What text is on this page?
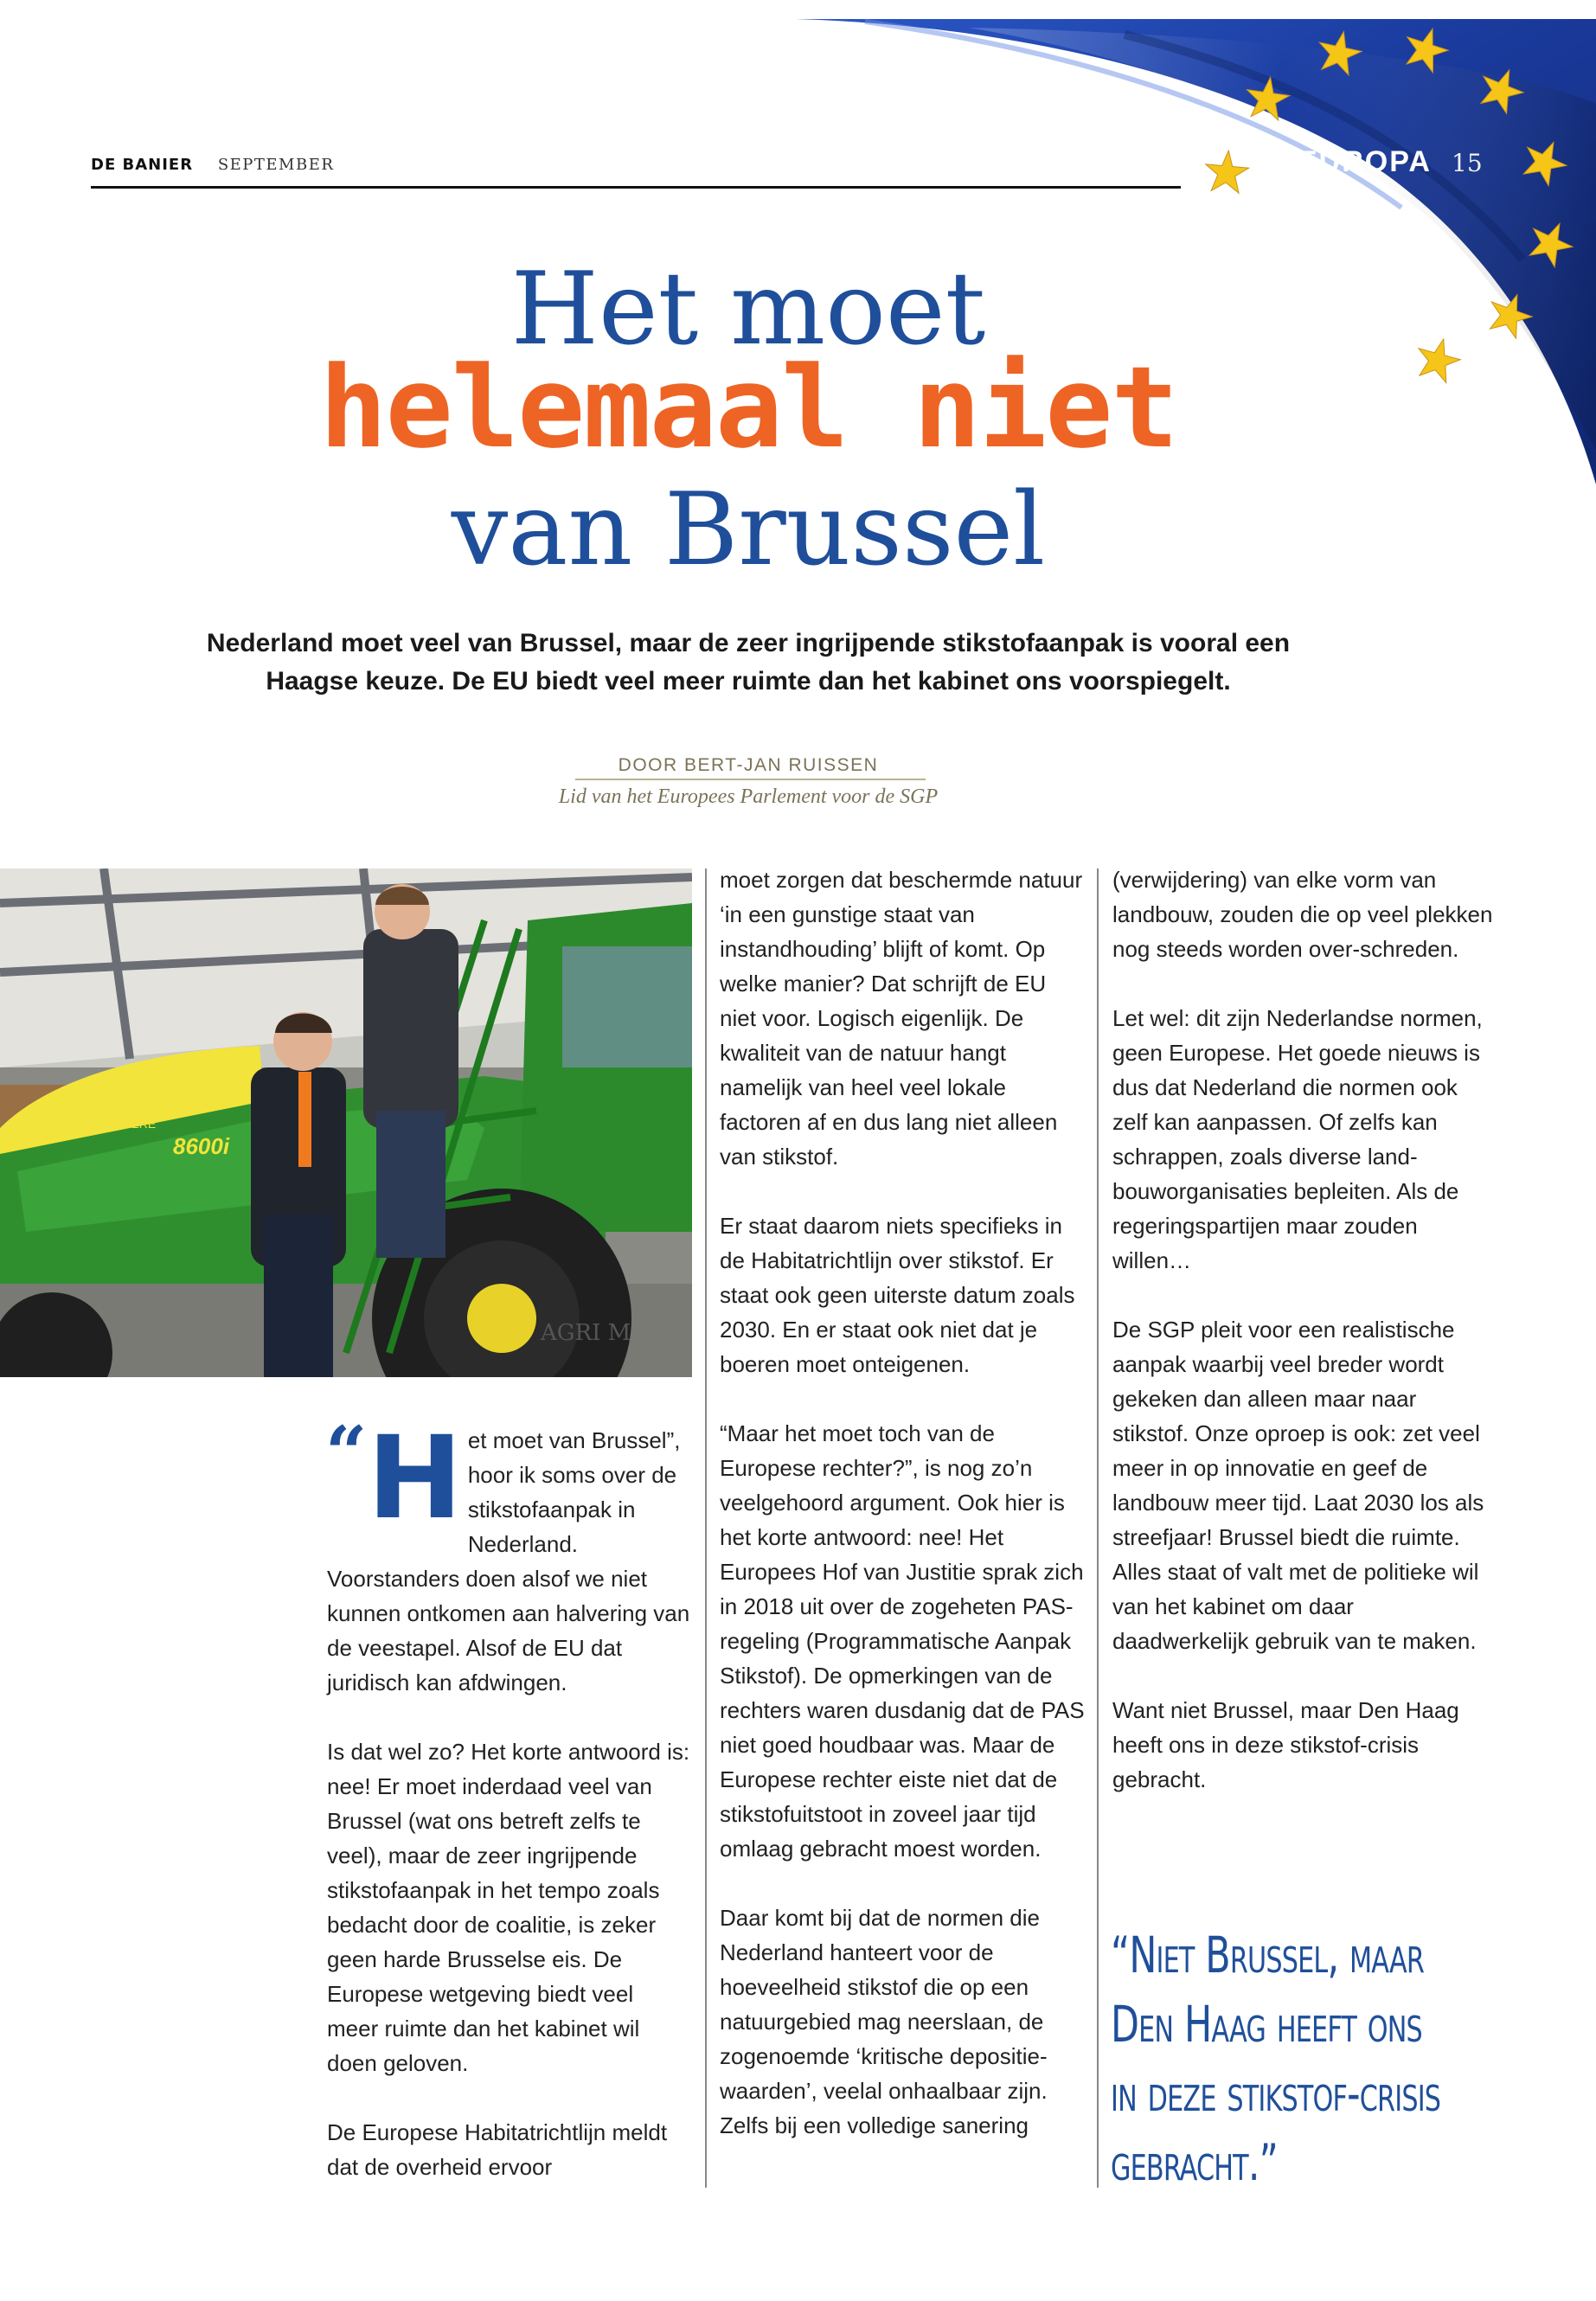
DE BANIER SEPTEMBER	EUROPA 15
Het moet
helemaal niet
van Brussel
Nederland moet veel van Brussel, maar de zeer ingrijpende stikstofaanpak is vooral een Haagse keuze. De EU biedt veel meer ruimte dan het kabinet ons voorspiegelt.
DOOR BERT-JAN RUISSEN
Lid van het Europees Parlement voor de SGP
8600i
JOHN DEERE
AGRI M

“H et moet van Brussel”, hoor ik soms over de stikstofaanpak in Nederland. Voorstanders doen alsof we niet kunnen ontkomen aan halvering van de veestapel. Alsof de EU dat juridisch kan afdwingen.

Is dat wel zo? Het korte antwoord is: nee! Er moet inderdaad veel van Brussel (wat ons betreft zelfs te veel), maar de zeer ingrijpende stikstofaanpak in het tempo zoals bedacht door de coalitie, is zeker geen harde Brusselse eis. De Europese wetgeving biedt veel meer ruimte dan het kabinet wil doen geloven.

De Europese Habitatrichtlijn meldt dat de overheid ervoor

moet zorgen dat beschermde natuur ‘in een gunstige staat van instandhouding’ blijft of komt. Op welke manier? Dat schrijft de EU niet voor. Logisch eigenlijk. De kwaliteit van de natuur hangt namelijk van heel veel lokale factoren af en dus lang niet alleen van stikstof.

Er staat daarom niets specifieks in de Habitatrichtlijn over stikstof. Er staat ook geen uiterste datum zoals 2030. En er staat ook niet dat je boeren moet onteigenen.

“Maar het moet toch van de Europese rechter?”, is nog zo’n veelgehoord argument. Ook hier is het korte antwoord: nee! Het Europees Hof van Justitie sprak zich in 2018 uit over de zogeheten PAS-regeling (Programmatische Aanpak Stikstof). De opmerkingen van de rechters waren dusdanig dat de PAS niet goed houdbaar was. Maar de Europese rechter eiste niet dat de stikstofuitstoot in zoveel jaar tijd omlaag gebracht moest worden.

Daar komt bij dat de normen die Nederland hanteert voor de hoeveelheid stikstof die op een natuurgebied mag neerslaan, de zogenoemde ‘kritische depositie-waarden’, veelal onhaalbaar zijn. Zelfs bij een volledige sanering

(verwijdering) van elke vorm van landbouw, zouden die op veel plekken nog steeds worden over-schreden.

Let wel: dit zijn Nederlandse normen, geen Europese. Het goede nieuws is dus dat Nederland die normen ook zelf kan aanpassen. Of zelfs kan schrappen, zoals diverse land-bouworganisaties bepleiten. Als de regeringspartijen maar zouden willen…

De SGP pleit voor een realistische aanpak waarbij veel breder wordt gekeken dan alleen maar naar stikstof. Onze oproep is ook: zet veel meer in op innovatie en geef de landbouw meer tijd. Laat 2030 los als streefjaar! Brussel biedt die ruimte. Alles staat of valt met de politieke wil van het kabinet om daar daadwerkelijk gebruik van te maken.

Want niet Brussel, maar Den Haag heeft ons in deze stikstof-crisis gebracht.

“Niet Brussel, maar Den Haag heeft ons in deze stikstof-crisis gebracht.”
